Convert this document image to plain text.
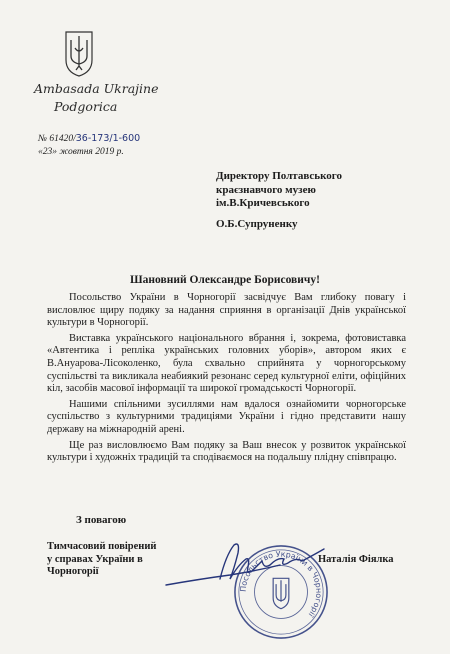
Ambasada Ukrajine
Podgorica
№ 61420/36-173/1-600
«23» жовтня 2019 р.
Директору Полтавського
краєзнавчого музею
ім.В.Кричевського
О.Б.Супруненку
Шановний Олександре Борисовичу!

Посольство України в Чорногорії засвідчує Вам глибоку повагу і висловлює щиру подяку за надання сприяння в організації Днів української культури в Чорногорії.

Виставка українського національного вбрання і, зокрема, фотовиставка «Автентика і репліка українських головних уборів», автором яких є В.Ануарова-Лісоколенко, була схвально сприйнята у чорногорському суспільстві та викликала неабиякий резонанс серед культурної еліти, офіційних кіл, засобів масової інформації та широкої громадськості Чорногорії.

Нашими спільними зусиллями нам вдалося ознайомити чорногорське суспільство з культурними традиціями України і гідно представити нашу державу на міжнародній арені.

Ще раз висловлюємо Вам подяку за Ваш внесок у розвиток української культури і художніх традицій та сподіваємося на подальшу плідну співпрацю.

З повагою
Тимчасовий повірений
у справах України в
Чорногорії
Посольство України в Чорногорії
Наталія Фіялка
